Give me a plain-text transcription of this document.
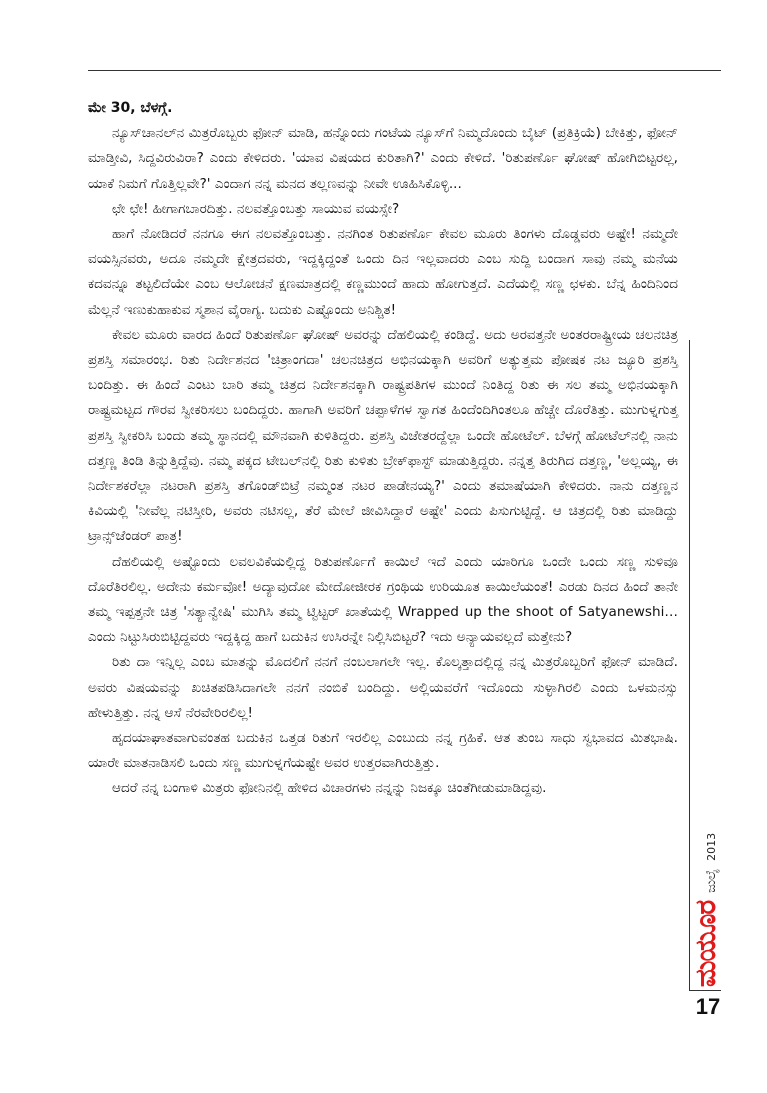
ಮೇ 30, ಬೆಳಗ್ಗೆ.

ನ್ಯೂಸ್‌ಚಾನಲ್‌ನ ಮಿತ್ರರೊಬ್ಬರು ಫೋನ್ ಮಾಡಿ, ಹನ್ನೊಂದು ಗಂಟೆಯ ನ್ಯೂಸ್‌ಗೆ ನಿಮ್ಮದೊಂದು ಬೈಟ್ (ಪ್ರತಿಕ್ರಿಯೆ) ಬೇಕಿತ್ತು, ಫೋನ್ ಮಾಡ್ತೀವಿ, ಸಿದ್ದವಿರುವಿರಾ? ಎಂದು ಕೇಳಿದರು. 'ಯಾವ ವಿಷಯದ ಕುರಿತಾಗಿ?' ಎಂದು ಕೇಳಿದೆ. 'ರಿತುಪರ್ಣೊ ಘೋಷ್ ಹೋಗಿಬಿಟ್ಟರಲ್ಲ, ಯಾಕೆ ನಿಮಗೆ ಗೊತ್ತಿಲ್ಲವೇ?' ಎಂದಾಗ ನನ್ನ ಮನದ ತಲ್ಲಣವನ್ನು ನೀವೇ ಊಹಿಸಿಕೊಳ್ಳಿ...

ಛೇ ಛೇ! ಹೀಗಾಗಬಾರದಿತ್ತು. ನಲವತ್ತೊಂಬತ್ತು ಸಾಯುವ ವಯಸ್ಸೇ?

ಹಾಗೆ ನೋಡಿದರೆ ನನಗೂ ಈಗ ನಲವತ್ತೊಂಬತ್ತು. ನನಗಿಂತ ರಿತುಪರ್ಣೊ ಕೇವಲ ಮೂರು ತಿಂಗಳು ದೊಡ್ಡವರು ಅಷ್ಟೇ! ನಮ್ಮದೇ ವಯಸ್ಸಿನವರು, ಅದೂ ನಮ್ಮದೇ ಕ್ಷೇತ್ರದವರು, ಇದ್ದಕ್ಕಿದ್ದಂತೆ ಒಂದು ದಿನ ಇಲ್ಲವಾದರು ಎಂಬ ಸುದ್ದಿ ಬಂದಾಗ ಸಾವು ನಮ್ಮ ಮನೆಯ ಕದವನ್ನೂ ತಟ್ಟಲಿದೆಯೇ ಎಂಬ ಆಲೋಚನೆ ಕ್ಷಣಮಾತ್ರದಲ್ಲಿ ಕಣ್ಣಮುಂದೆ ಹಾದು ಹೋಗುತ್ತದೆ. ಎದೆಯಲ್ಲಿ ಸಣ್ಣ ಛಳಕು. ಬೆನ್ನ ಹಿಂದಿನಿಂದ ಮೆಲ್ಲನೆ ಇಣುಕುಹಾಕುವ ಸ್ಮಶಾನ ವೈರಾಗ್ಯ. ಬದುಕು ಎಷ್ಟೊಂದು ಅನಿಶ್ಚಿತ!

ಕೇವಲ ಮೂರು ವಾರದ ಹಿಂದೆ ರಿತುಪರ್ಣೊ ಘೋಷ್ ಅವರನ್ನು ದೆಹಲಿಯಲ್ಲಿ ಕಂಡಿದ್ದೆ. ಅದು ಅರವತ್ತನೇ ಅಂತರರಾಷ್ಟ್ರೀಯ ಚಲನಚಿತ್ರ ಪ್ರಶಸ್ತಿ ಸಮಾರಂಭ. ರಿತು ನಿರ್ದೇಶನದ 'ಚಿತ್ರಾಂಗದಾ' ಚಲನಚಿತ್ರದ ಅಭಿನಯಕ್ಕಾಗಿ ಅವರಿಗೆ ಅತ್ಯುತ್ತಮ ಪೋಷಕ ನಟ ಜ್ಯೂರಿ ಪ್ರಶಸ್ತಿ ಬಂದಿತ್ತು. ಈ ಹಿಂದೆ ಎಂಟು ಬಾರಿ ತಮ್ಮ ಚಿತ್ರದ ನಿರ್ದೇಶನಕ್ಕಾಗಿ ರಾಷ್ಟ್ರಪತಿಗಳ ಮುಂದೆ ನಿಂತಿದ್ದ ರಿತು ಈ ಸಲ ತಮ್ಮ ಅಭಿನಯಕ್ಕಾಗಿ ರಾಷ್ಟ್ರಮಟ್ಟದ ಗೌರವ ಸ್ವೀಕರಿಸಲು ಬಂದಿದ್ದರು. ಹಾಗಾಗಿ ಅವರಿಗೆ ಚಪ್ಪಾಳೆಗಳ ಸ್ವಾಗತ ಹಿಂದೆಂದಿಗಿಂತಲೂ ಹೆಚ್ಚೇ ದೊರೆತಿತ್ತು. ಮುಗುಳ್ನಗುತ್ತ ಪ್ರಶಸ್ತಿ ಸ್ವೀಕರಿಸಿ ಬಂದು ತಮ್ಮ ಸ್ಥಾನದಲ್ಲಿ ಮೌನವಾಗಿ ಕುಳಿತಿದ್ದರು. ಪ್ರಶಸ್ತಿ ವಿಜೇತರದ್ದೆಲ್ಲಾ ಒಂದೇ ಹೋಟೆಲ್. ಬೆಳಗ್ಗೆ ಹೋಟೆಲ್‌ನಲ್ಲಿ ನಾನು ದತ್ತಣ್ಣ ತಿಂಡಿ ತಿನ್ನುತ್ತಿದ್ದೆವು. ನಮ್ಮ ಪಕ್ಕದ ಟೇಬಲ್‌ನಲ್ಲಿ ರಿತು ಕುಳಿತು ಬ್ರೇಕ್‌ಫಾಸ್ಟ್ ಮಾಡುತ್ತಿದ್ದರು. ನನ್ನತ್ತ ತಿರುಗಿದ ದತ್ತಣ್ಣ, 'ಅಲ್ಲಯ್ಯ, ಈ ನಿರ್ದೇಶಕರೆಲ್ಲಾ ನಟರಾಗಿ ಪ್ರಶಸ್ತಿ ತಗೊಂಡ್‌ಬಿಟ್ರೆ ನಮ್ಮಂತ ನಟರ ಪಾಡೇನಯ್ಯ?' ಎಂದು ತಮಾಷೆಯಾಗಿ ಕೇಳಿದರು. ನಾನು ದತ್ತಣ್ಣನ ಕಿವಿಯಲ್ಲಿ 'ನೀವೆಲ್ಲ ನಟಿಸ್ತೀರಿ, ಅವರು ನಟಿಸಲ್ಲ, ತೆರೆ ಮೇಲೆ ಜೀವಿಸಿದ್ದಾರೆ ಅಷ್ಟೇ' ಎಂದು ಪಿಸುಗುಟ್ಟಿದ್ದೆ. ಆ ಚಿತ್ರದಲ್ಲಿ ರಿತು ಮಾಡಿದ್ದು ಟ್ರಾನ್ಸ್‌ಜೆಂಡರ್ ಪಾತ್ರ!

ದೆಹಲಿಯಲ್ಲಿ ಅಷ್ಟೊಂದು ಲವಲವಿಕೆಯಲ್ಲಿದ್ದ ರಿತುಪರ್ಣೊಗೆ ಕಾಯಿಲೆ ಇದೆ ಎಂದು ಯಾರಿಗೂ ಒಂದೇ ಒಂದು ಸಣ್ಣ ಸುಳಿವೂ ದೊರೆತಿರಲಿಲ್ಲ. ಅದೇನು ಕರ್ಮವೋ! ಅದ್ಯಾವುದೋ ಮೇದೋಜೀರಕ ಗ್ರಂಥಿಯ ಉರಿಯೂತ ಕಾಯಿಲೆಯಂತೆ! ಎರಡು ದಿನದ ಹಿಂದೆ ತಾನೇ ತಮ್ಮ ಇಪ್ಪತ್ತನೇ ಚಿತ್ರ 'ಸತ್ಯಾನ್ವೇಷಿ' ಮುಗಿಸಿ ತಮ್ಮ ಟ್ವಿಟ್ಟರ್ ಖಾತೆಯಲ್ಲಿ Wrapped up the shoot of Satyanewshi… ಎಂದು ನಿಟ್ಟುಸಿರುಬಿಟ್ಟಿದ್ದವರು ಇದ್ದಕ್ಕಿದ್ದ ಹಾಗೆ ಬದುಕಿನ ಉಸಿರನ್ನೇ ನಿಲ್ಲಿಸಿಬಿಟ್ಟರೆ? ಇದು ಅನ್ಯಾಯವಲ್ಲದೆ ಮತ್ತೇನು?

ರಿತು ದಾ ಇನ್ನಿಲ್ಲ ಎಂಬ ಮಾತನ್ನು ಮೊದಲಿಗೆ ನನಗೆ ನಂಬಲಾಗಲೇ ಇಲ್ಲ. ಕೊಲ್ಕತ್ತಾದಲ್ಲಿದ್ದ ನನ್ನ ಮಿತ್ರರೊಬ್ಬರಿಗೆ ಫೋನ್ ಮಾಡಿದೆ. ಅವರು ವಿಷಯವನ್ನು ಖಚಿತಪಡಿಸಿದಾಗಲೇ ನನಗೆ ನಂಬಿಕೆ ಬಂದಿದ್ದು. ಅಲ್ಲಿಯವರೆಗೆ ಇದೊಂದು ಸುಳ್ಳಾಗಿರಲಿ ಎಂದು ಒಳಮನಸ್ಸು ಹೇಳುತ್ತಿತ್ತು. ನನ್ನ ಆಸೆ ನೆರವೇರಿರಲಿಲ್ಲ!

ಹೃದಯಾಘಾತವಾಗುವಂತಹ ಬದುಕಿನ ಒತ್ತಡ ರಿತುಗೆ ಇರಲಿಲ್ಲ ಎಂಬುದು ನನ್ನ ಗ್ರಹಿಕೆ. ಆತ ತುಂಬ ಸಾಧು ಸ್ವಭಾವದ ಮಿತಭಾಷಿ. ಯಾರೇ ಮಾತನಾಡಿಸಲಿ ಒಂದು ಸಣ್ಣ ಮುಗುಳ್ನಗೆಯಷ್ಟೇ ಅವರ ಉತ್ತರವಾಗಿರುತ್ತಿತ್ತು.

ಆದರೆ ನನ್ನ ಬಂಗಾಳಿ ಮಿತ್ರರು ಫೋನಿನಲ್ಲಿ ಹೇಳಿದ ವಿಚಾರಗಳು ನನ್ನನ್ನು ನಿಜಕ್ಕೂ ಚಿಂತೆಗೀಡುಮಾಡಿದ್ದವು.

ಮಯೂರ
ಜುಲೈ
2013
17
